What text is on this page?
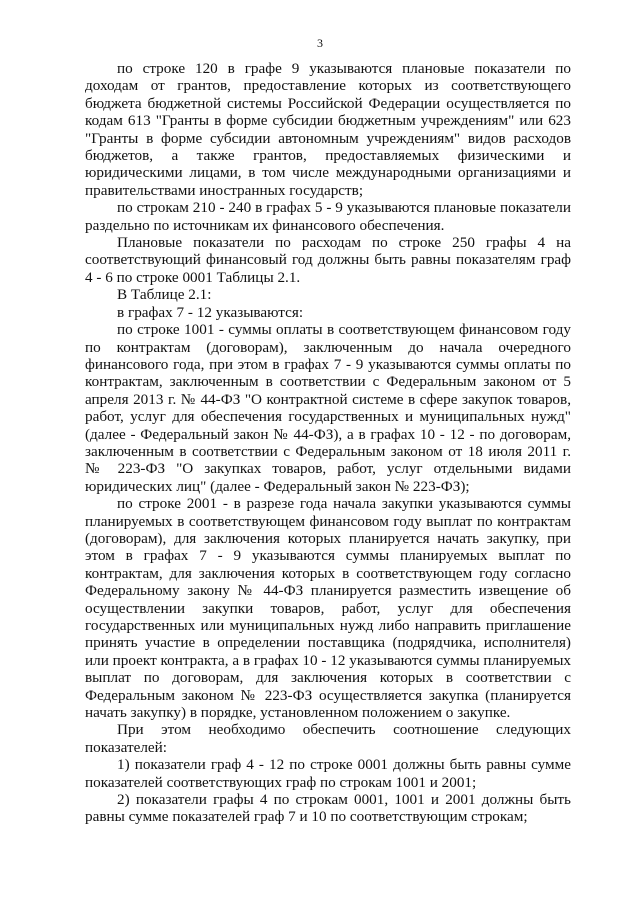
3

по строке 120 в графе 9 указываются плановые показатели по доходам от грантов, предоставление которых из соответствующего бюджета бюджетной системы Российской Федерации осуществляется по кодам 613 "Гранты в форме субсидии бюджетным учреждениям" или 623 "Гранты в форме субсидии автономным учреждениям" видов расходов бюджетов, а также грантов, предоставляемых физическими и юридическими лицами, в том числе международными организациями и правительствами иностранных государств;

по строкам 210 - 240 в графах 5 - 9 указываются плановые показатели раздельно по источникам их финансового обеспечения.

Плановые показатели по расходам по строке 250 графы 4 на соответствующий финансовый год должны быть равны показателям граф 4 - 6 по строке 0001 Таблицы 2.1.

В Таблице 2.1:

в графах 7 - 12 указываются:

по строке 1001 - суммы оплаты в соответствующем финансовом году по контрактам (договорам), заключенным до начала очередного финансового года, при этом в графах 7 - 9 указываются суммы оплаты по контрактам, заключенным в соответствии с Федеральным законом от 5 апреля 2013 г. № 44-ФЗ "О контрактной системе в сфере закупок товаров, работ, услуг для обеспечения государственных и муниципальных нужд" (далее - Федеральный закон № 44-ФЗ), а в графах 10 - 12 - по договорам, заключенным в соответствии с Федеральным законом от 18 июля 2011 г. № 223-ФЗ "О закупках товаров, работ, услуг отдельными видами юридических лиц" (далее - Федеральный закон № 223-ФЗ);

по строке 2001 - в разрезе года начала закупки указываются суммы планируемых в соответствующем финансовом году выплат по контрактам (договорам), для заключения которых планируется начать закупку, при этом в графах 7 - 9 указываются суммы планируемых выплат по контрактам, для заключения которых в соответствующем году согласно Федеральному закону № 44-ФЗ планируется разместить извещение об осуществлении закупки товаров, работ, услуг для обеспечения государственных или муниципальных нужд либо направить приглашение принять участие в определении поставщика (подрядчика, исполнителя) или проект контракта, а в графах 10 - 12 указываются суммы планируемых выплат по договорам, для заключения которых в соответствии с Федеральным законом № 223-ФЗ осуществляется закупка (планируется начать закупку) в порядке, установленном положением о закупке.

При этом необходимо обеспечить соотношение следующих показателей:

1) показатели граф 4 - 12 по строке 0001 должны быть равны сумме показателей соответствующих граф по строкам 1001 и 2001;

2) показатели графы 4 по строкам 0001, 1001 и 2001 должны быть равны сумме показателей граф 7 и 10 по соответствующим строкам;
